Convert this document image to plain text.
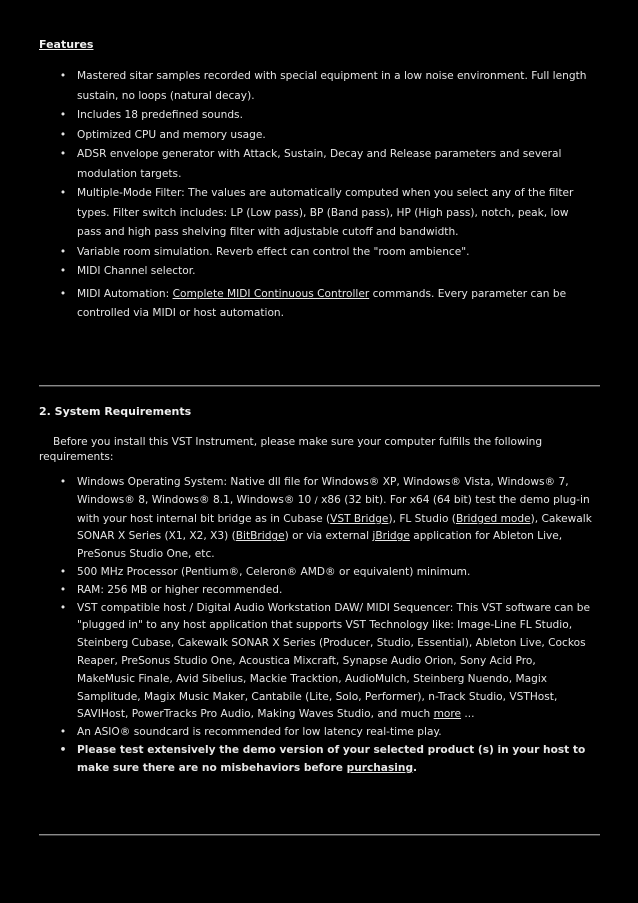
Features
• Mastered sitar samples recorded with special equipment in a low noise environment. Full length sustain, no loops (natural decay).
• Includes 18 predefined sounds.
• Optimized CPU and memory usage.
• ADSR envelope generator with Attack, Sustain, Decay and Release parameters and several modulation targets.
• Multiple-Mode Filter: The values are automatically computed when you select any of the filter types. Filter switch includes: LP (Low pass), BP (Band pass), HP (High pass), notch, peak, low pass and high pass shelving filter with adjustable cutoff and bandwidth.
• Variable room simulation. Reverb effect can control the "room ambience".
• MIDI Channel selector.
• MIDI Automation: Complete MIDI Continuous Controller commands. Every parameter can be controlled via MIDI or host automation.
2. System Requirements

Before you install this VST Instrument, please make sure your computer fulfills the following requirements:

• Windows Operating System: Native dll file for Windows® XP, Windows® Vista, Windows® 7, Windows® 8, Windows® 8.1, Windows® 10 / x86 (32 bit). For x64 (64 bit) test the demo plug-in with your host internal bit bridge as in Cubase (VST Bridge), FL Studio (Bridged mode), Cakewalk SONAR X Series (X1, X2, X3) (BitBridge) or via external jBridge application for Ableton Live, PreSonus Studio One, etc.
• 500 MHz Processor (Pentium®, Celeron® AMD® or equivalent) minimum.
• RAM: 256 MB or higher recommended.
• VST compatible host / Digital Audio Workstation DAW/ MIDI Sequencer: This VST software can be "plugged in" to any host application that supports VST Technology like: Image-Line FL Studio, Steinberg Cubase, Cakewalk SONAR X Series (Producer, Studio, Essential), Ableton Live, Cockos Reaper, PreSonus Studio One, Acoustica Mixcraft, Synapse Audio Orion, Sony Acid Pro, MakeMusic Finale, Avid Sibelius, Mackie Tracktion, AudioMulch, Steinberg Nuendo, Magix Samplitude, Magix Music Maker, Cantabile (Lite, Solo, Performer), n-Track Studio, VSTHost, SAVIHost, PowerTracks Pro Audio, Making Waves Studio, and much more ...
• An ASIO® soundcard is recommended for low latency real-time play.
• Please test extensively the demo version of your selected product (s) in your host to make sure there are no misbehaviors before purchasing.
